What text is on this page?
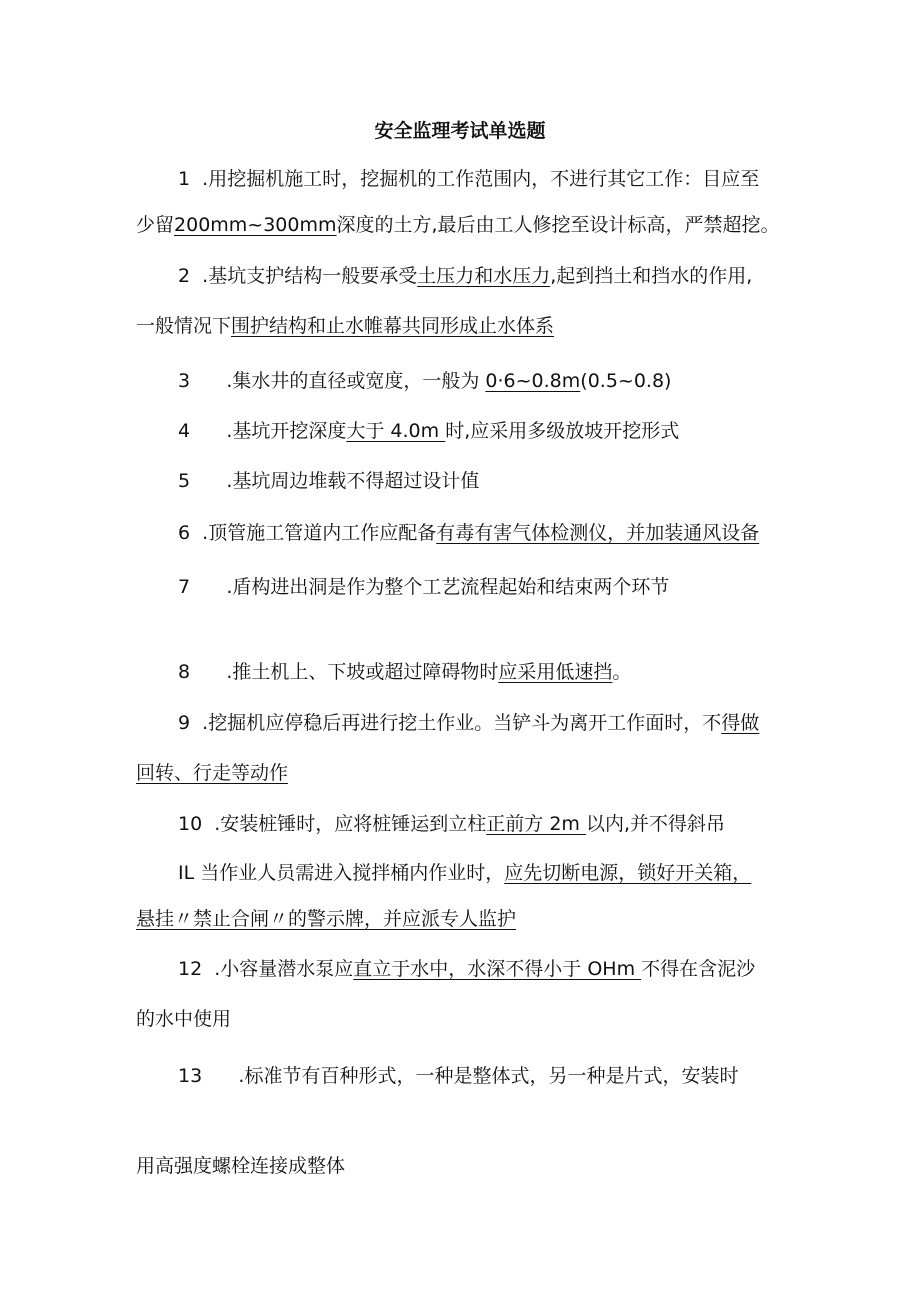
安全监理考试单选题
1  .用挖掘机施工时，挖掘机的工作范围内，不进行其它工作：目应至
少留200mm~300mm深度的土方,最后由工人修挖至设计标高，严禁超挖。
2  .基坑支护结构一般要承受土压力和水压力,起到挡土和挡水的作用,
一般情况下围护结构和止水帷幕共同形成止水体系
3      .集水井的直径或宽度，一般为 0·6~0.8m(0.5~0.8)
4      .基坑开挖深度大于 4.0m 时,应采用多级放坡开挖形式
5      .基坑周边堆载不得超过设计值
6  .顶管施工管道内工作应配备有毒有害气体检测仪，并加装通风设备
7      .盾构进出洞是作为整个工艺流程起始和结束两个环节
8      .推土机上、下坡或超过障碍物时应采用低速挡。
9  .挖掘机应停稳后再进行挖土作业。当铲斗为离开工作面时，不得做
回转、行走等动作
10  .安装桩锤时，应将桩锤运到立柱正前方 2m 以内,并不得斜吊
IL 当作业人员需进入搅拌桶内作业时，应先切断电源，锁好开关箱，
悬挂〃禁止合闸〃的警示牌，并应派专人监护
12  .小容量潜水泵应直立于水中，水深不得小于 OHm 不得在含泥沙
的水中使用
13      .标准节有百种形式，一种是整体式，另一种是片式，安装时
用高强度螺栓连接成整体
